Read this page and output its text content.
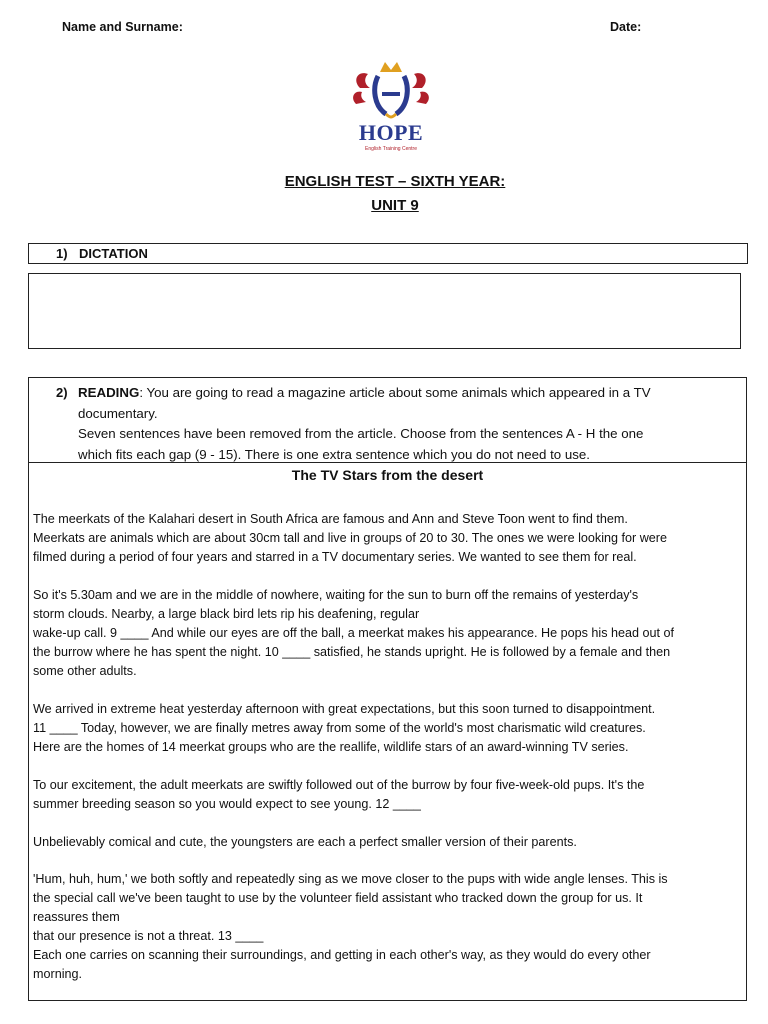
Name and Surname:	Date:
HOPE
English Training Centre
ENGLISH TEST – SIXTH YEAR:
UNIT 9
1) DICTATION
2) READING: You are going to read a magazine article about some animals which appeared in a TV

documentary.

Seven sentences have been removed from the article. Choose from the sentences A - H the one

which fits each gap (9 - 15). There is one extra sentence which you do not need to use.

The TV Stars from the desert

The meerkats of the Kalahari desert in South Africa are famous and Ann and Steve Toon went to find them.
Meerkats are animals which are about 30cm tall and live in groups of 20 to 30. The ones we were looking for were
filmed during a period of four years and starred in a TV documentary series. We wanted to see them for real.

So it's 5.30am and we are in the middle of nowhere, waiting for the sun to burn off the remains of yesterday's
storm clouds. Nearby, a large black bird lets rip his deafening, regular
wake-up call. 9 ____ And while our eyes are off the ball, a meerkat makes his appearance. He pops his head out of
the burrow where he has spent the night. 10 ____ satisfied, he stands upright. He is followed by a female and then
some other adults.

We arrived in extreme heat yesterday afternoon with great expectations, but this soon turned to disappointment.
11 ____ Today, however, we are finally metres away from some of the world's most charismatic wild creatures.
Here are the homes of 14 meerkat groups who are the reallife, wildlife stars of an award-winning TV series.

To our excitement, the adult meerkats are swiftly followed out of the burrow by four five-week-old pups. It's the
summer breeding season so you would expect to see young. 12 ____

Unbelievably comical and cute, the youngsters are each a perfect smaller version of their parents.

'Hum, huh, hum,' we both softly and repeatedly sing as we move closer to the pups with wide angle lenses. This is
the special call we've been taught to use by the volunteer field assistant who tracked down the group for us. It
reassures them
that our presence is not a threat. 13 ____
Each one carries on scanning their surroundings, and getting in each other's way, as they would do every other
morning.
